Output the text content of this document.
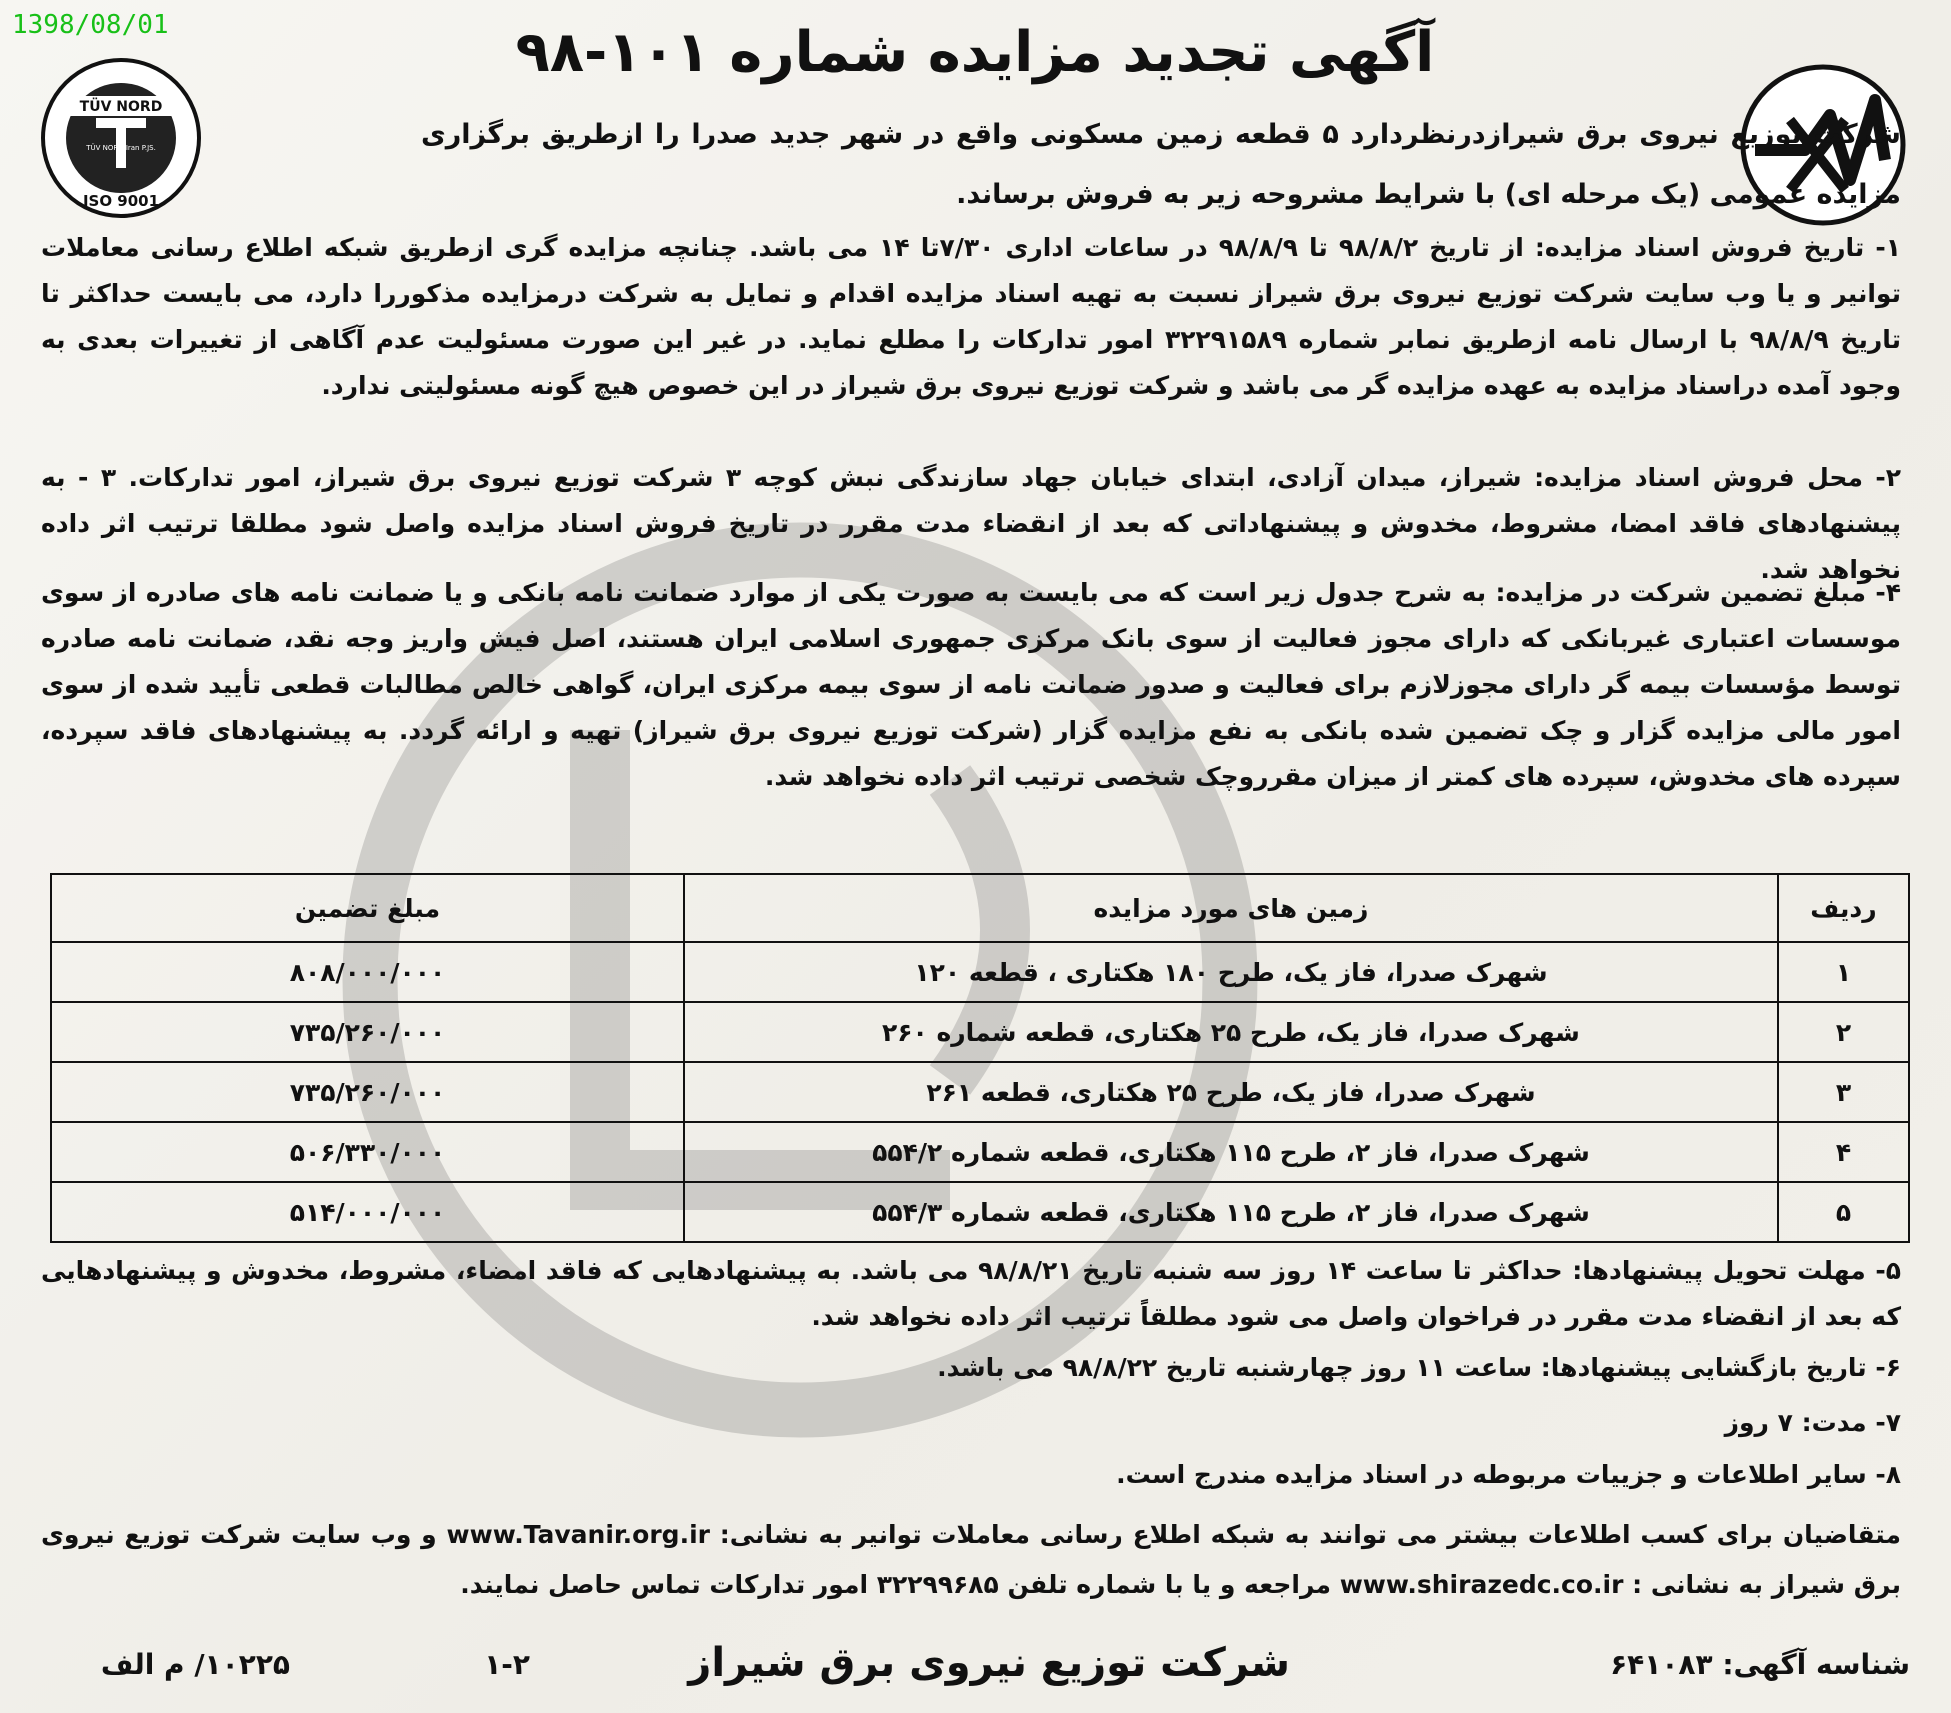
1398/08/01
TÜV NORD
TÜV NORD Iran P.JS.
ISO 9001
آگهی تجدید مزایده شماره ۱۰۱-۹۸
شرکت توزیع نیروی برق شیرازدرنظردارد ۵ قطعه زمین مسکونی واقع در شهر جدید صدرا را ازطریق برگزاری مزایده عمومی (یک مرحله ای) با شرایط مشروحه زیر به فروش برساند.
۱- تاریخ فروش اسناد مزایده: از تاریخ ۹۸/۸/۲ تا ۹۸/۸/۹ در ساعات اداری ۷/۳۰تا ۱۴ می باشد. چنانچه مزایده گری ازطریق شبکه اطلاع رسانی معاملات توانیر و یا وب سایت شرکت توزیع نیروی برق شیراز نسبت به تهیه اسناد مزایده اقدام و تمایل به شرکت درمزایده مذکوررا دارد، می بایست حداکثر تا تاریخ ۹۸/۸/۹ با ارسال نامه ازطریق نمابر شماره ۳۲۲۹۱۵۸۹ امور تدارکات را مطلع نماید. در غیر این صورت مسئولیت عدم آگاهی از تغییرات بعدی به وجود آمده دراسناد مزایده به عهده مزایده گر می باشد و شرکت توزیع نیروی برق شیراز در این خصوص هیچ گونه مسئولیتی ندارد.
۲- محل فروش اسناد مزایده: شیراز، میدان آزادی، ابتدای خیابان جهاد سازندگی نبش کوچه ۳ شرکت توزیع نیروی برق شیراز، امور تدارکات. ۳ - به پیشنهادهای فاقد امضا، مشروط، مخدوش و پیشنهاداتی که بعد از انقضاء مدت مقرر در تاریخ فروش اسناد مزایده واصل شود مطلقا ترتیب اثر داده نخواهد شد.
۴- مبلغ تضمین شرکت در مزایده: به شرح جدول زیر است که می بایست به صورت یکی از موارد ضمانت نامه بانکی و یا ضمانت نامه های صادره از سوی موسسات اعتباری غیربانکی که دارای مجوز فعالیت از سوی بانک مرکزی جمهوری اسلامی ایران هستند، اصل فیش واریز وجه نقد، ضمانت نامه صادره توسط مؤسسات بیمه گر دارای مجوزلازم برای فعالیت و صدور ضمانت نامه از سوی بیمه مرکزی ایران، گواهی خالص مطالبات قطعی تأیید شده از سوی امور مالی مزایده گزار و چک تضمین شده بانکی به نفع مزایده گزار (شرکت توزیع نیروی برق شیراز) تهیه و ارائه گردد. به پیشنهادهای فاقد سپرده، سپرده های مخدوش، سپرده های کمتر از میزان مقرروچک شخصی ترتیب اثر داده نخواهد شد.
ردیف	زمین های مورد مزایده	مبلغ تضمین
۱	شهرک صدرا، فاز یک، طرح ۱۸۰ هکتاری ، قطعه ۱۲۰	۸۰۸/۰۰۰/۰۰۰
۲	شهرک صدرا، فاز یک، طرح ۲۵ هکتاری، قطعه شماره ۲۶۰	۷۳۵/۲۶۰/۰۰۰
۳	شهرک صدرا، فاز یک، طرح ۲۵ هکتاری، قطعه ۲۶۱	۷۳۵/۲۶۰/۰۰۰
۴	شهرک صدرا، فاز ۲، طرح ۱۱۵ هکتاری، قطعه شماره ۵۵۴/۲	۵۰۶/۳۳۰/۰۰۰
۵	شهرک صدرا، فاز ۲، طرح ۱۱۵ هکتاری، قطعه شماره ۵۵۴/۳	۵۱۴/۰۰۰/۰۰۰
۵- مهلت تحویل پیشنهادها: حداکثر تا ساعت ۱۴ روز سه شنبه تاریخ ۹۸/۸/۲۱ می باشد. به پیشنهادهایی که فاقد امضاء، مشروط، مخدوش و پیشنهادهایی که بعد از انقضاء مدت مقرر در فراخوان واصل می شود مطلقاً ترتیب اثر داده نخواهد شد.
۶- تاریخ بازگشایی پیشنهادها: ساعت ۱۱ روز چهارشنبه تاریخ ۹۸/۸/۲۲ می باشد.
۷- مدت: ۷ روز
۸- سایر اطلاعات و جزییات مربوطه در اسناد مزایده مندرج است.
متقاضیان برای کسب اطلاعات بیشتر می توانند به شبکه اطلاع رسانی معاملات توانیر به نشانی: www.Tavanir.org.ir و وب سایت شرکت توزیع نیروی برق شیراز به نشانی : www.shirazedc.co.ir مراجعه و یا با شماره تلفن ۳۲۲۹۹۶۸۵ امور تدارکات تماس حاصل نمایند.
شناسه آگهی: ۶۴۱۰۸۳
شرکت توزیع نیروی برق شیراز
۱-۲
۱۰۲۲۵/ م الف
